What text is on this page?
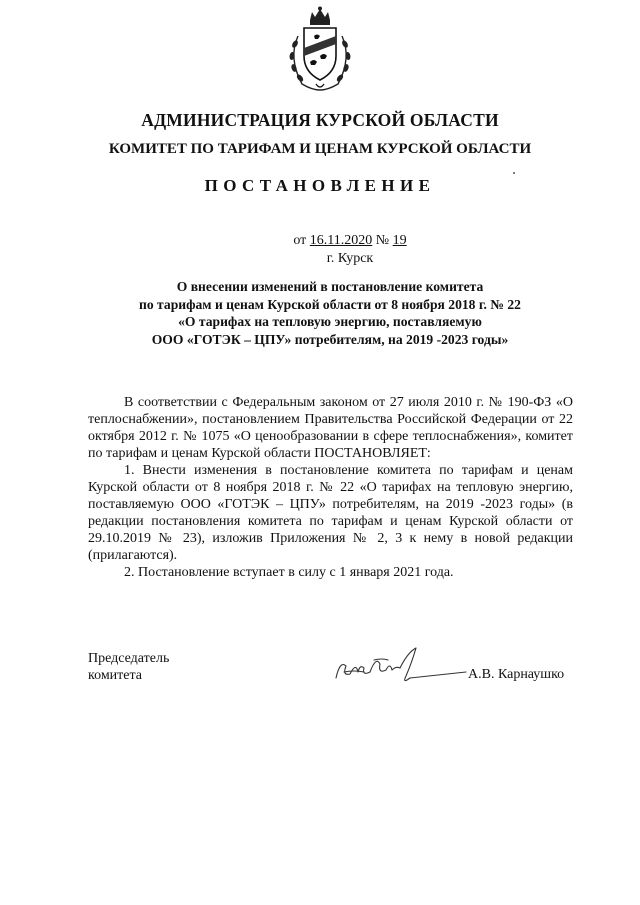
АДМИНИСТРАЦИЯ КУРСКОЙ ОБЛАСТИ
КОМИТЕТ ПО ТАРИФАМ И ЦЕНАМ КУРСКОЙ ОБЛАСТИ
ПОСТАНОВЛЕНИЕ
от 16.11.2020 № 19
г. Курск
О внесении изменений в постановление комитета
по тарифам и ценам Курской области от 8 ноября 2018 г. № 22
«О тарифах на тепловую энергию, поставляемую
ООО «ГОТЭК – ЦПУ» потребителям, на 2019 -2023 годы»

В соответствии с Федеральным законом от 27 июля 2010 г. № 190-ФЗ «О теплоснабжении», постановлением Правительства Российской Федерации от 22 октября 2012 г. № 1075 «О ценообразовании в сфере теплоснабжения», комитет по тарифам и ценам Курской области ПОСТАНОВЛЯЕТ:

1. Внести изменения в постановление комитета по тарифам и ценам Курской области от 8 ноября 2018 г. № 22 «О тарифах на тепловую энергию, поставляемую ООО «ГОТЭК – ЦПУ» потребителям, на 2019 -2023 годы» (в редакции постановления комитета по тарифам и ценам Курской области от 29.10.2019 № 23), изложив Приложения № 2, 3 к нему в новой редакции (прилагаются).

2. Постановление вступает в силу с 1 января 2021 года.

Председатель
комитета	А.В. Карнаушко
